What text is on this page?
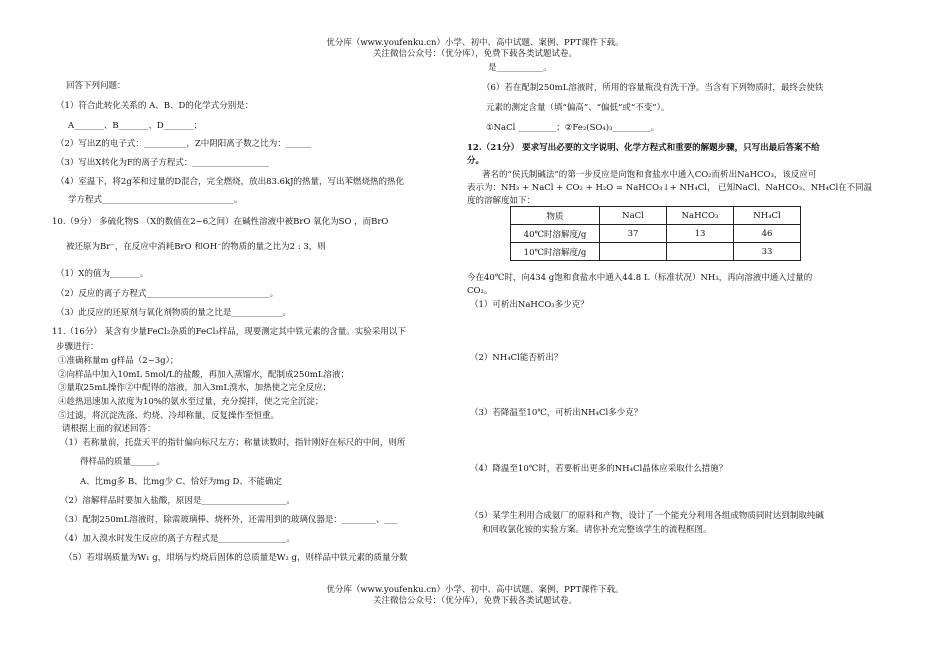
优分库（www.youfenku.cn）小学、初中、高中试题、案例、PPT课件下载。
关注微信公众号：（优分库），免费下载各类试题试卷。
回答下列问题：
（1）符合此转化关系的 A、B、D的化学式分别是：
A_______、B_______、D_______；
（2）写出Z的电子式：__________，Z中阴阳离子数之比为：______
（3）写出X转化为F的离子方程式：__________________
（4）室温下，将2g苯和过量的D混合，完全燃烧，放出83.6kJ的热量，写出苯燃烧热的热化
学方程式_______________________________。
10.（9分） 多硫化物S （X的数值在2~6之间）在碱性溶液中被BrO 氧化为SO ，而BrO
被还原为Br⁻，在反应中消耗BrO 和OH⁻的物质的量之比为2 : 3，则
（1）X的值为_______。
（2）反应的离子方程式_____________________________。
（3）此反应的还原剂与氧化剂物质的量之比是____________。
11.（16分） 某含有少量FeCl₂杂质的FeCl₃样品，现要测定其中铁元素的含量。实验采用以下
步骤进行：
①准确称量m g样品（2~3g）；
②向样品中加入10mL 5mol/L的盐酸，再加入蒸馏水，配制成250mL溶液；
③量取25mL操作②中配得的溶液，加入3mL溴水，加热使之完全反应；
④趁热迅速加入浓度为10%的氨水至过量，充分搅拌，使之完全沉淀；
⑤过滤，将沉淀洗涤、灼烧、冷却称量，反复操作至恒重。
请根据上面的叙述回答：
（1）若称量前，托盘天平的指针偏向标尺左方；称量读数时，指针刚好在标尺的中间，则所
得样品的质量______。
A、比mg多 B、比mg少 C、恰好为mg D、不能确定
（2）溶解样品时要加入盐酸，原因是____________________。
（3）配制250mL溶液时，除需玻璃棒、烧杯外，还需用到的玻璃仪器是：________、___
（4）加入溴水时发生反应的离子方程式是________________。
（5）若坩埚质量为W₁ g，坩埚与灼烧后固体的总质量是W₂ g，则样品中铁元素的质量分数
是___________。
（6）若在配制250mL溶液时，所用的容量瓶没有洗干净。当含有下列物质时，最终会使铁
元素的测定含量（填“偏高”、“偏低”或“不变”）。
①NaCl _________；②Fe₂(SO₄)₃_________。
12.（21分） 要求写出必要的文字说明、化学方程式和重要的解题步骤，只写出最后答案不给
分。
著名的“侯氏制碱法”的第一步反应是向饱和食盐水中通入CO₂而析出NaHCO₃，该反应可
表示为：NH₃ + NaCl + CO₂ + H₂O = NaHCO₃↓+ NH₄Cl， 已知NaCl、NaHCO₃、NH₄Cl在不同温
度的溶解度如下：
物质	NaCl	NaHCO₃	NH₄Cl
40℃时溶解度/g	37	13	46
10℃时溶解度/g			33
今在40℃时，向434 g饱和食盐水中通入44.8 L（标准状况）NH₃，再向溶液中通入过量的
CO₂。
（1）可析出NaHCO₃多少克？
（2）NH₄Cl能否析出？
（3）若降温至10℃，可析出NH₄Cl多少克？
（4）降温至10℃时，若要析出更多的NH₄Cl晶体应采取什么措施？
（5）某学生利用合成氨厂的原料和产物，设计了一个能充分利用各组成物质同时达到制取纯碱
和回收氯化铵的实验方案。请你补充完整该学生的流程框图。
优分库（www.youfenku.cn）小学、初中、高中试题、案例、PPT课件下载。
关注微信公众号：（优分库），免费下载各类试题试卷。
